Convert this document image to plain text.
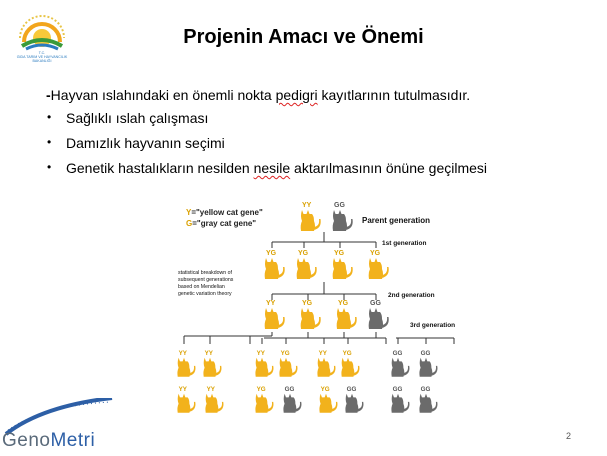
T.C.
GIDA TARIM VE HAYVANCILIK
BAKANLIĞI
Projenin Amacı ve Önemi
-Hayvan ıslahındaki en önemli nokta pedigri kayıtlarının tutulmasıdır.
• Sağlıklı ıslah çalışması
• Damızlık hayvanın seçimi
• Genetik hastalıkların nesilden nesile aktarılmasının önüne geçilmesi
Y="yellow cat gene"
G="gray cat gene"	Parent generation
1st generation
2nd generation
3rd generation
statistical breakdown of
subsequent generations
based on Mendelian
genetic variation theory
YY	GG
YG	YG	YG	YG
YY	YG	YG	GG
YY	YY
YY	YY
YY YG
YG	GG
YY YG
YG GG
GG	GG
GG	GG
GenoMetri	2
